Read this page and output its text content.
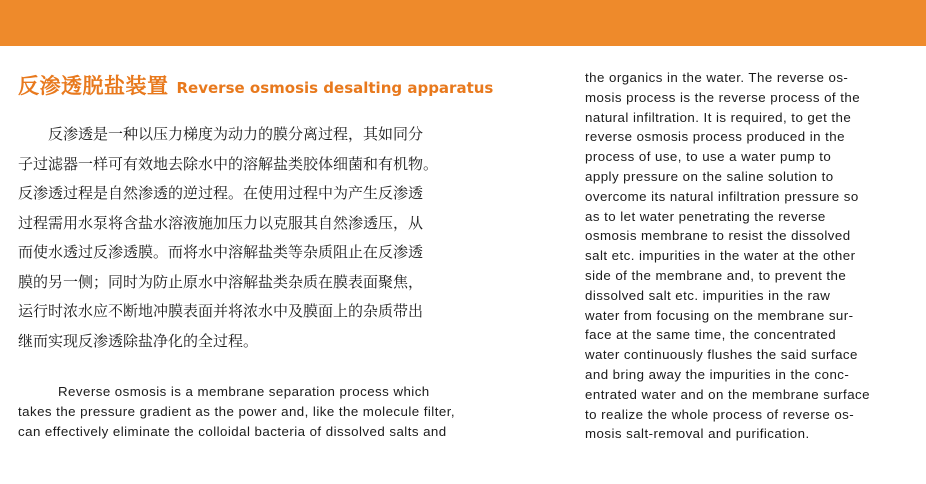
反渗透脱盐装置 Reverse osmosis desalting apparatus
反渗透是一种以压力梯度为动力的膜分离过程，其如同分
子过滤器一样可有效地去除水中的溶解盐类胶体细菌和有机物。
反渗透过程是自然渗透的逆过程。在使用过程中为产生反渗透
过程需用水泵将含盐水溶液施加压力以克服其自然渗透压，从
而使水透过反渗透膜。而将水中溶解盐类等杂质阻止在反渗透
膜的另一侧；同时为防止原水中溶解盐类杂质在膜表面聚焦，
运行时浓水应不断地冲膜表面并将浓水中及膜面上的杂质带出
继而实现反渗透除盐净化的全过程。
Reverse osmosis is a membrane separation process which
takes the pressure gradient as the power and, like the molecule filter,
can effectively eliminate the colloidal bacteria of dissolved salts and
the organics in the water. The reverse os-
mosis process is the reverse process of the
natural infiltration. It is required, to get the
reverse osmosis process produced in the
process of use, to use a water pump to
apply pressure on the saline solution to
overcome its natural infiltration pressure so
as to let water penetrating the reverse
osmosis membrane to resist the dissolved
salt etc. impurities in the water at the other
side of the membrane and, to prevent the
dissolved salt etc. impurities in the raw
water from focusing on the membrane sur-
face at the same time, the concentrated
water continuously flushes the said surface
and bring away the impurities in the conc-
entrated water and on the membrane surface
to realize the whole process of reverse os-
mosis salt-removal and purification.
